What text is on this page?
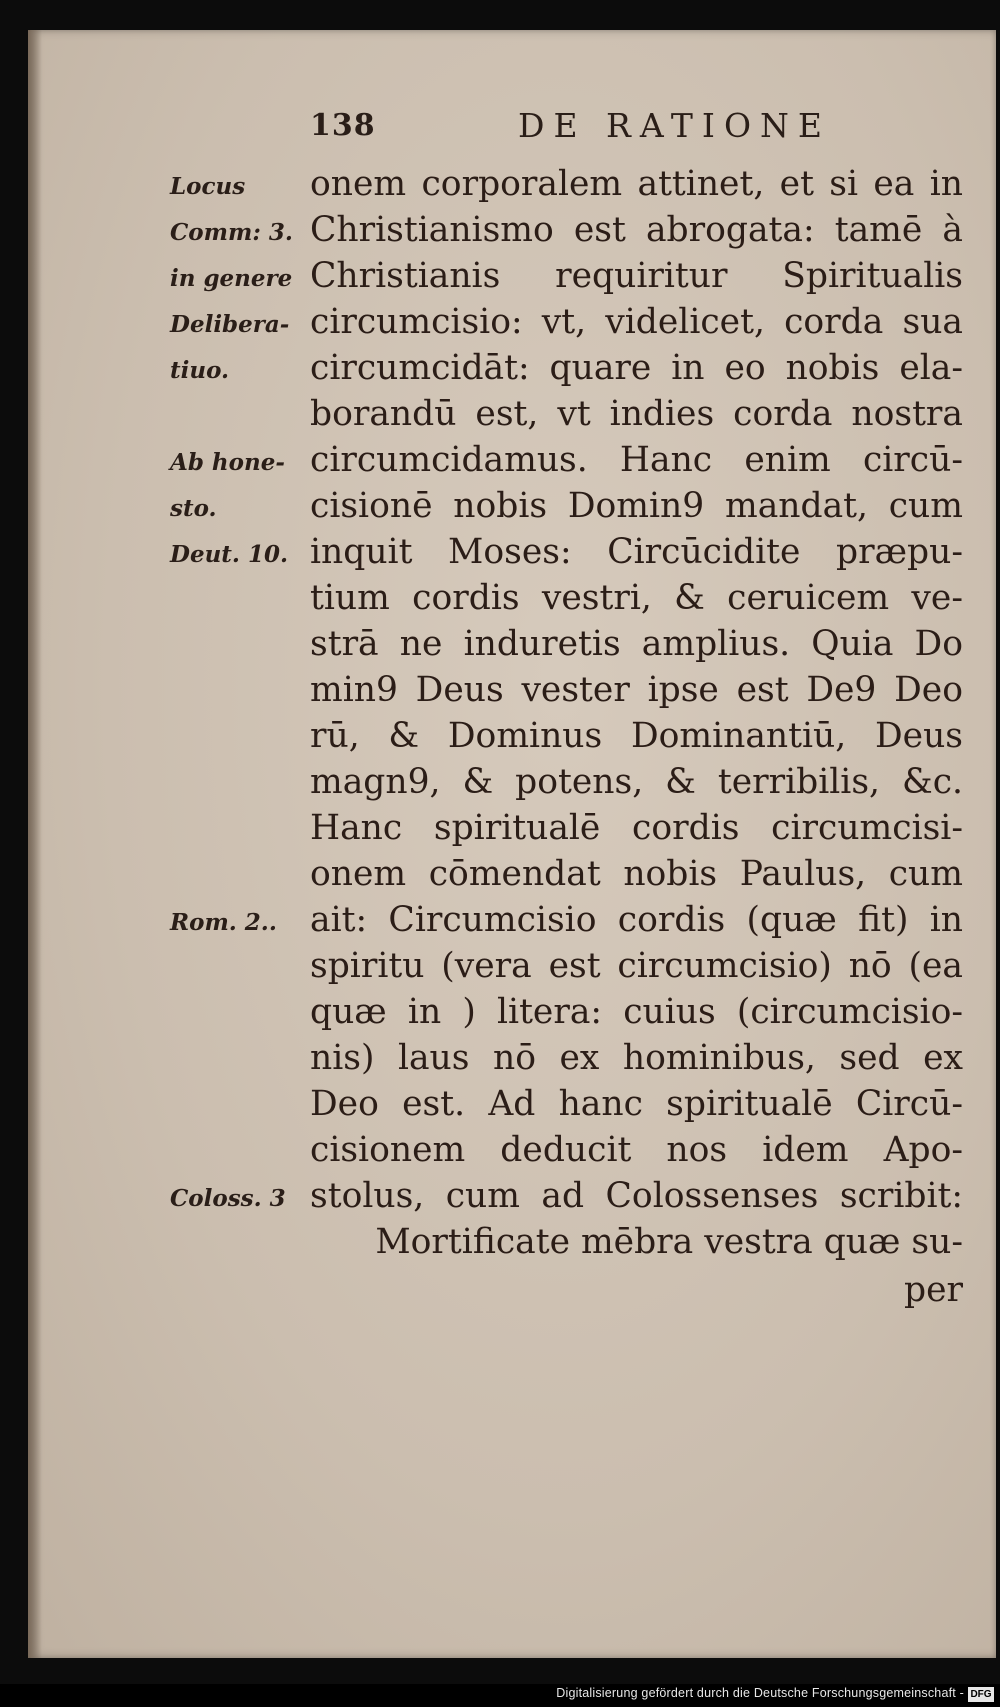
138	DE RATIONE
onem corporalem attinet, et si ea in
Christianismo est abrogata: tamē à
Christianis requiritur Spiritualis
circumcisio: vt, videlicet, corda sua
circumcidāt: quare in eo nobis ela-
borandū est, vt indies corda nostra
circumcidamus. Hanc enim circū-
cisionē nobis Domin9 mandat, cum
inquit Moses: Circūcidite præpu-
tium cordis vestri, & ceruicem ve-
strā ne induretis amplius. Quia Do
min9 Deus vester ipse est De9 Deo
rū, & Dominus Dominantiū, Deus
magn9, & potens, & terribilis, &c.
Hanc spiritualē cordis circumcisi-
onem cōmendat nobis Paulus, cum
ait: Circumcisio cordis (quæ fit) in
spiritu (vera est circumcisio) nō (ea
quæ in ) litera: cuius (circumcisio-
nis) laus nō ex hominibus, sed ex
Deo est. Ad hanc spiritualē Circū-
cisionem deducit nos idem Apo-
stolus, cum ad Colossenses scribit:
Mortificate mēbra vestra quæ su-
per
Locus
Comm: 3.
in genere
Delibera-
tiuo.
Ab hone-
sto.
Deut. 10.
Rom. 2..
Coloss. 3
Digitalisierung gefördert durch die Deutsche Forschungsgemeinschaft - DFG
